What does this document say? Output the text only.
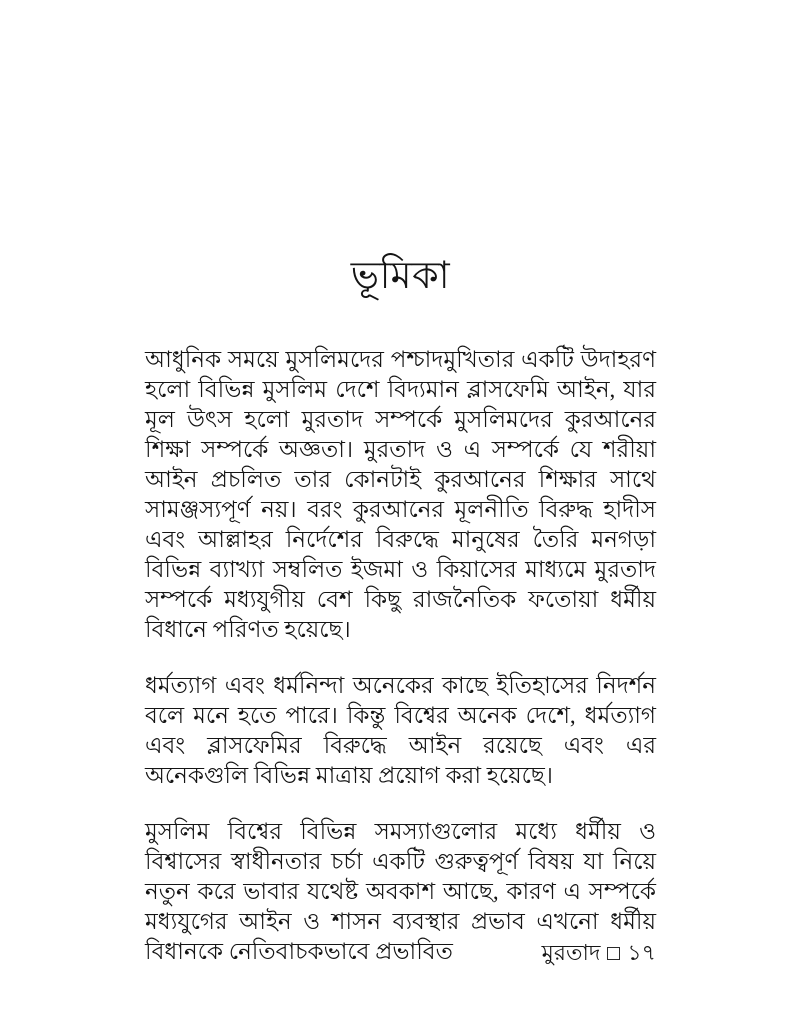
ভূমিকা

আধুনিক সময়ে মুসলিমদের পশ্চাদমুখিতার একটি উদাহরণ হলো বিভিন্ন মুসলিম দেশে বিদ্যমান ব্লাসফেমি আইন, যার মূল উৎস হলো মুরতাদ সম্পর্কে মুসলিমদের কুরআনের শিক্ষা সম্পর্কে অজ্ঞতা। মুরতাদ ও এ সম্পর্কে যে শরীয়া আইন প্রচলিত তার কোনটাই কুরআনের শিক্ষার সাথে সামঞ্জস্যপূর্ণ নয়। বরং কুরআনের মূলনীতি বিরুদ্ধ হাদীস এবং আল্লাহর নির্দেশের বিরুদ্ধে মানুষের তৈরি মনগড়া বিভিন্ন ব্যাখ্যা সম্বলিত ইজমা ও কিয়াসের মাধ্যমে মুরতাদ সম্পর্কে মধ্যযুগীয় বেশ কিছু রাজনৈতিক ফতোয়া ধর্মীয় বিধানে পরিণত হয়েছে।

ধর্মত্যাগ এবং ধর্মনিন্দা অনেকের কাছে ইতিহাসের নিদর্শন বলে মনে হতে পারে। কিন্তু বিশ্বের অনেক দেশে, ধর্মত্যাগ এবং ব্লাসফেমির বিরুদ্ধে আইন রয়েছে এবং এর অনেকগুলি বিভিন্ন মাত্রায় প্রয়োগ করা হয়েছে।

মুসলিম বিশ্বের বিভিন্ন সমস্যাগুলোর মধ্যে ধর্মীয় ও বিশ্বাসের স্বাধীনতার চর্চা একটি গুরুত্বপূর্ণ বিষয় যা নিয়ে নতুন করে ভাবার যথেষ্ট অবকাশ আছে, কারণ এ সম্পর্কে মধ্যযুগের আইন ও শাসন ব্যবস্থার প্রভাব এখনো ধর্মীয় বিধানকে নেতিবাচকভাবে প্রভাবিত	মুরতাদ ১৭
